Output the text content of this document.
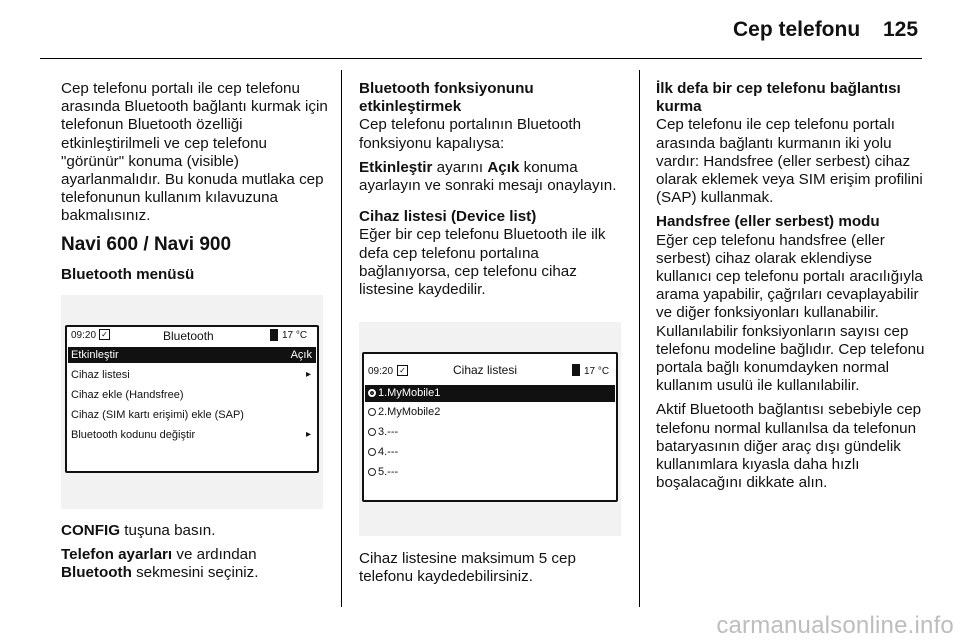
Cep telefonu 125

Cep telefonu portalı ile cep telefonu arasında Bluetooth bağlantı kurmak için telefonun Bluetooth özelliği etkinleştirilmeli ve cep telefonu "görünür" konuma (visible) ayarlanmalıdır. Bu konuda mutlaka cep telefonunun kullanım kılavuzuna bakmalısınız.

Navi 600 / Navi 900
Bluetooth menüsü
09:20 ✓	Bluetooth	17 °C
Etkinleştir	Açık
Cihaz listesi	▸
Cihaz ekle (Handsfree)
Cihaz (SIM kartı erişimi) ekle (SAP)
Bluetooth kodunu değiştir	▸

CONFIG tuşuna basın.

Telefon ayarları ve ardından
Bluetooth sekmesini seçiniz.

Bluetooth fonksiyonunu etkinleştirmek

Cep telefonu portalının Bluetooth fonksiyonu kapalıysa:

Etkinleştir ayarını Açık konuma ayarlayın ve sonraki mesajı onaylayın.

Cihaz listesi (Device list)

Eğer bir cep telefonu Bluetooth ile ilk defa cep telefonu portalına bağlanıyorsa, cep telefonu cihaz listesine kaydedilir.

09:20 ✓	Cihaz listesi	17 °C
1.MyMobile1
2.MyMobile2
3.---
4.---
5.---

Cihaz listesine maksimum 5 cep telefonu kaydedebilirsiniz.

İlk defa bir cep telefonu bağlantısı kurma

Cep telefonu ile cep telefonu portalı arasında bağlantı kurmanın iki yolu vardır: Handsfree (eller serbest) cihaz olarak eklemek veya SIM erişim profilini (SAP) kullanmak.

Handsfree (eller serbest) modu

Eğer cep telefonu handsfree (eller serbest) cihaz olarak eklendiyse kullanıcı cep telefonu portalı aracılığıyla arama yapabilir, çağrıları cevaplayabilir ve diğer fonksiyonları kullanabilir. Kullanılabilir fonksiyonların sayısı cep telefonu modeline bağlıdır. Cep telefonu portala bağlı konumdayken normal kullanım usulü ile kullanılabilir.

Aktif Bluetooth bağlantısı sebebiyle cep telefonu normal kullanılsa da telefonun bataryasının diğer araç dışı gündelik kullanımlara kıyasla daha hızlı boşalacağını dikkate alın.

carmanualsonline.info
